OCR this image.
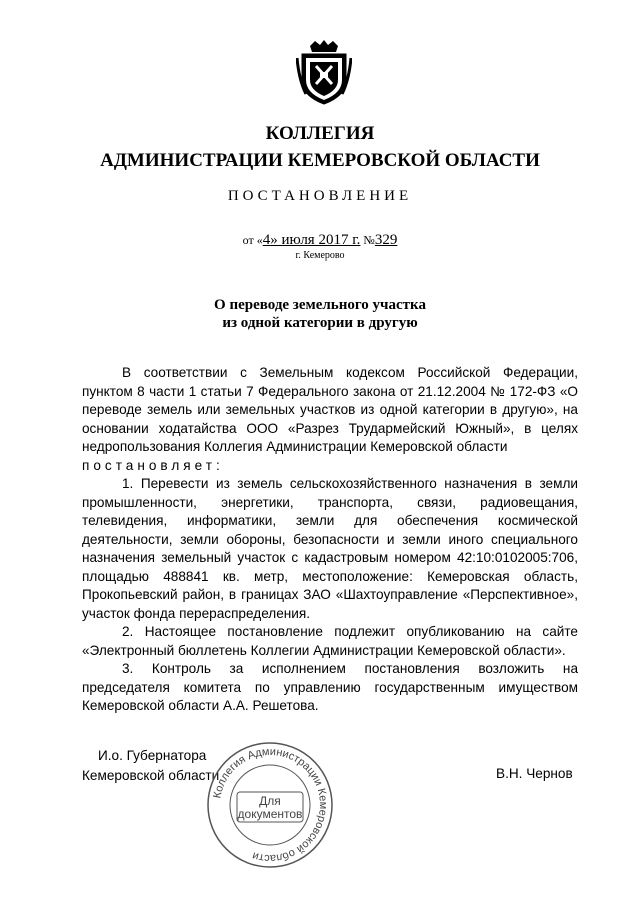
КОЛЛЕГИЯ
АДМИНИСТРАЦИИ КЕМЕРОВСКОЙ ОБЛАСТИ
ПОСТАНОВЛЕНИЕ
от «4» июля 2017 г. №329
г. Кемерово
О переводе земельного участка
из одной категории в другую

В соответствии с Земельным кодексом Российской Федерации, пунктом 8 части 1 статьи 7 Федерального закона от 21.12.2004 № 172-ФЗ «О переводе земель или земельных участков из одной категории в другую», на основании ходатайства ООО «Разрез Трудармейский Южный», в целях недропользования Коллегия Администрации Кемеровской области

постановляет:

1. Перевести из земель сельскохозяйственного назначения в земли промышленности, энергетики, транспорта, связи, радиовещания, телевидения, информатики, земли для обеспечения космической деятельности, земли обороны, безопасности и земли иного специального назначения земельный участок с кадастровым номером 42:10:0102005:706, площадью 488841 кв. метр, местоположение: Кемеровская область, Прокопьевский район, в границах ЗАО «Шахтоуправление «Перспективное», участок фонда перераспределения.

2. Настоящее постановление подлежит опубликованию на сайте «Электронный бюллетень Коллегии Администрации Кемеровской области».

3. Контроль за исполнением постановления возложить на председателя комитета по управлению государственным имуществом Кемеровской области А.А. Решетова.

И.о. Губернатора
Кемеровской области	В.Н. Чернов
Коллегия Администрации Кемеровской области
Для
документов
